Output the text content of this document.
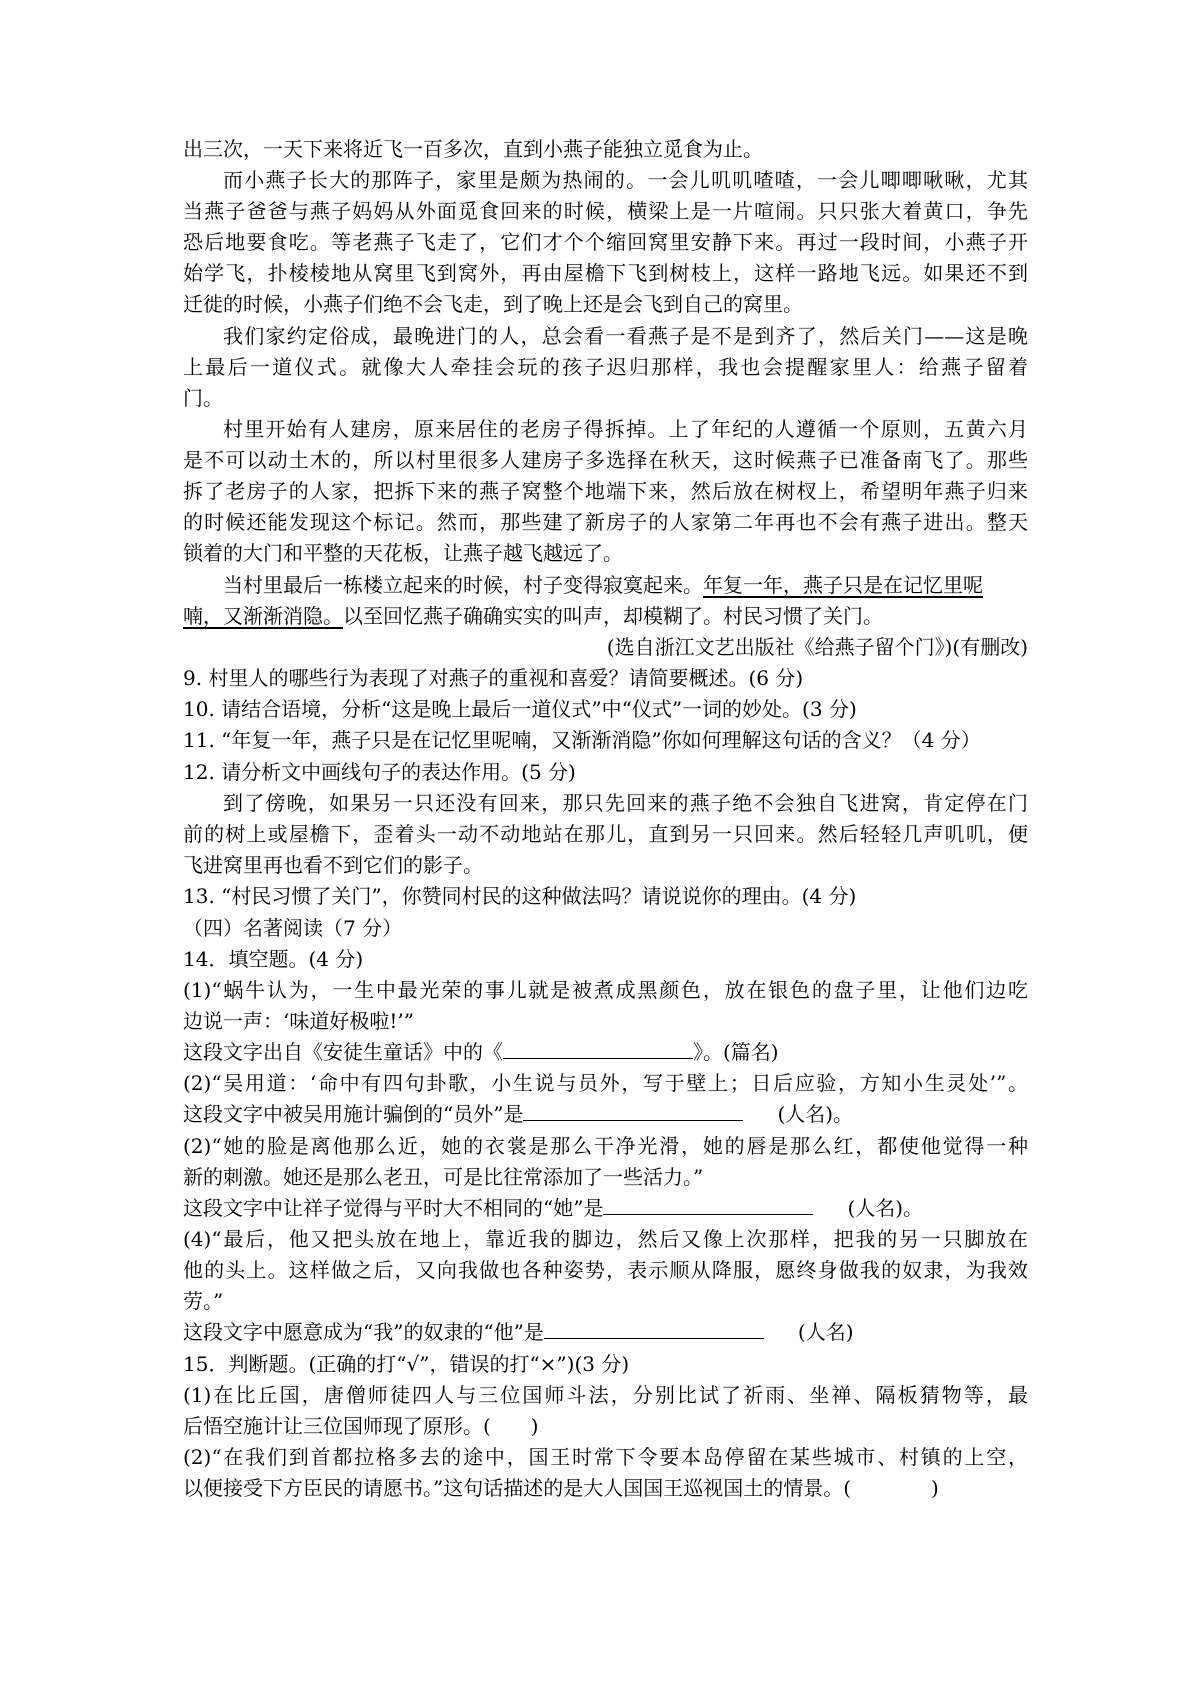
出三次，一天下来将近飞一百多次，直到小燕子能独立觅食为止。
而小燕子长大的那阵子，家里是颇为热闹的。一会儿叽叽喳喳，一会儿唧唧啾啾，尤其
当燕子爸爸与燕子妈妈从外面觅食回来的时候，横梁上是一片喧闹。只只张大着黄口，争先
恐后地要食吃。等老燕子飞走了，它们才个个缩回窝里安静下来。再过一段时间，小燕子开
始学飞，扑棱棱地从窝里飞到窝外，再由屋檐下飞到树枝上，这样一路地飞远。如果还不到
迁徙的时候，小燕子们绝不会飞走，到了晚上还是会飞到自己的窝里。
我们家约定俗成，最晚进门的人，总会看一看燕子是不是到齐了，然后关门——这是晚
上最后一道仪式。就像大人牵挂会玩的孩子迟归那样，我也会提醒家里人：给燕子留着
门。
村里开始有人建房，原来居住的老房子得拆掉。上了年纪的人遵循一个原则，五黄六月
是不可以动土木的，所以村里很多人建房子多选择在秋天，这时候燕子已准备南飞了。那些
拆了老房子的人家，把拆下来的燕子窝整个地端下来，然后放在树杈上，希望明年燕子归来
的时候还能发现这个标记。然而，那些建了新房子的人家第二年再也不会有燕子进出。整天
锁着的大门和平整的天花板，让燕子越飞越远了。
当村里最后一栋楼立起来的时候，村子变得寂寞起来。年复一年，燕子只是在记忆里呢
喃，又渐渐消隐。以至回忆燕子确确实实的叫声，却模糊了。村民习惯了关门。
(选自浙江文艺出版社《给燕子留个门》)(有删改)
9. 村里人的哪些行为表现了对燕子的重视和喜爱？请简要概述。(6 分)
10. 请结合语境，分析“这是晚上最后一道仪式”中“仪式”一词的妙处。(3 分)
11. “年复一年，燕子只是在记忆里呢喃，又渐渐消隐”你如何理解这句话的含义？（4 分）
12. 请分析文中画线句子的表达作用。(5 分)
到了傍晚，如果另一只还没有回来，那只先回来的燕子绝不会独自飞进窝，肯定停在门
前的树上或屋檐下，歪着头一动不动地站在那儿，直到另一只回来。然后轻轻几声叽叽，便
飞进窝里再也看不到它们的影子。
13. “村民习惯了关门”，你赞同村民的这种做法吗？请说说你的理由。(4 分)
（四）名著阅读（7 分）
14．填空题。(4 分)
(1)“蜗牛认为，一生中最光荣的事儿就是被煮成黑颜色，放在银色的盘子里，让他们边吃
边说一声：‘味道好极啦!’”
这段文字出自《安徒生童话》中的《	》。(篇名)
(2)“吴用道：‘命中有四句卦歌，小生说与员外，写于壁上；日后应验，方知小生灵处’”。
这段文字中被吴用施计骗倒的“员外”是	(人名)。
(2)“她的脸是离他那么近，她的衣裳是那么干净光滑，她的唇是那么红，都使他觉得一种
新的刺激。她还是那么老丑，可是比往常添加了一些活力。”
这段文字中让祥子觉得与平时大不相同的“她”是	(人名)。
(4)“最后，他又把头放在地上，靠近我的脚边，然后又像上次那样，把我的另一只脚放在
他的头上。这样做之后，又向我做也各种姿势，表示顺从降服，愿终身做我的奴隶，为我效
劳。”
这段文字中愿意成为“我”的奴隶的“他”是	(人名)
15．判断题。(正确的打“√”，错误的打“×”)(3 分)
(1)在比丘国，唐僧师徒四人与三位国师斗法，分别比试了祈雨、坐禅、隔板猜物等，最
后悟空施计让三位国师现了原形。(　　)
(2)“在我们到首都拉格多去的途中，国王时常下令要本岛停留在某些城市、村镇的上空，
以便接受下方臣民的请愿书。”这句话描述的是大人国国王巡视国土的情景。(　　　　)
